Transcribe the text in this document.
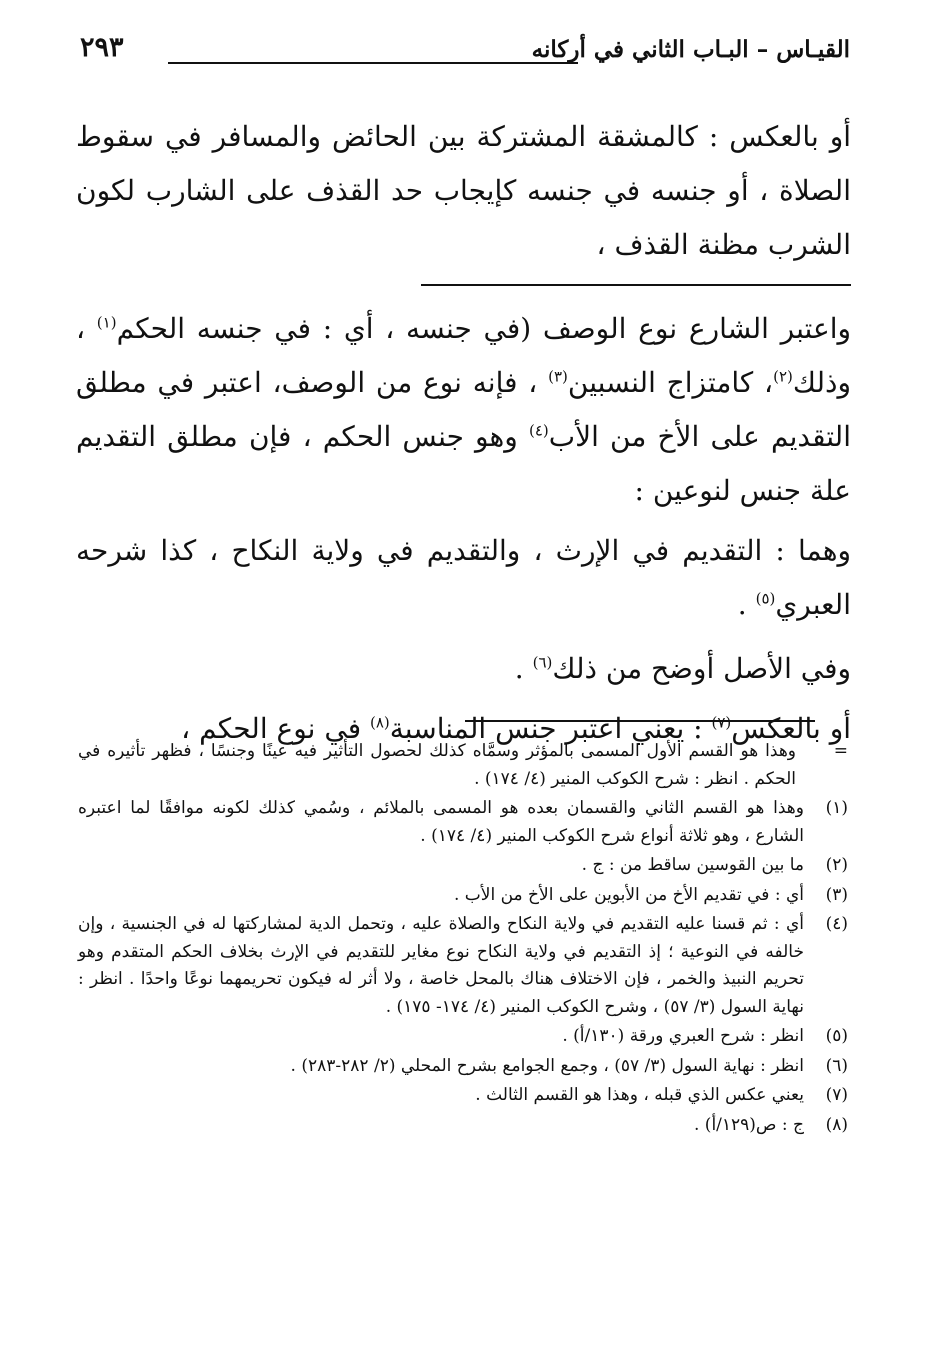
٢٩٣	القيـاس – البـاب الثاني في أركانه

أو بالعكس : كالمشقة المشتركة بين الحائض والمسافر في سقوط الصلاة ، أو جنسه في جنسه كإيجاب حد القذف على الشارب لكون الشرب مظنة القذف ،

واعتبر الشارع نوع الوصف (في جنسه ، أي : في جنسه الحكم$^{(١)}$ ، وذلك$^{(٢)}$، كامتزاج النسبين$^{(٣)}$ ، فإنه نوع من الوصف، اعتبر في مطلق التقديم على الأخ من الأب$^{(٤)}$ وهو جنس الحكم ، فإن مطلق التقديم علة جنس لنوعين :

وهما : التقديم في الإرث ، والتقديم في ولاية النكاح ، كذا شرحه العبري$^{(٥)}$ .

وفي الأصل أوضح من ذلك$^{(٦)}$ .

أو بالعكس$^{(٧)}$ : يعني اعتبر جنس المناسبة$^{(٨)}$ في نوع الحكم ،

=
وهذا هو القسم الأول المسمى بالمؤثر وسمَّاه كذلك لحصول التأثير فيه عينًا وجنسًا ، فظهر تأثيره في الحكم . انظر : شرح الكوكب المنير (٤/ ١٧٤) .
(١)
وهذا هو القسم الثاني والقسمان بعده هو المسمى بالملائم ، وسُمي كذلك لكونه موافقًا لما اعتبره الشارع ، وهو ثلاثة أنواع شرح الكوكب المنير (٤/ ١٧٤) .
(٢)
ما بين القوسين ساقط من : ج .
(٣)
أي : في تقديم الأخ من الأبوين على الأخ من الأب .
(٤)
أي : ثم قسنا عليه التقديم في ولاية النكاح والصلاة عليه ، وتحمل الدية لمشاركتها له في الجنسية ، وإن خالفه في النوعية ؛ إذ التقديم في ولاية النكاح نوع مغاير للتقديم في الإرث بخلاف الحكم المتقدم وهو تحريم النبيذ والخمر ، فإن الاختلاف هناك بالمحل خاصة ، ولا أثر له فيكون تحريمهما نوعًا واحدًا . انظر : نهاية السول (٣/ ٥٧) ، وشرح الكوكب المنير (٤/ ١٧٤- ١٧٥) .
(٥)
انظر : شرح العبري ورقة (١٣٠/أ) .
(٦)
انظر : نهاية السول (٣/ ٥٧) ، وجمع الجوامع بشرح المحلي (٢/ ٢٨٢-٢٨٣) .
(٧)
يعني عكس الذي قبله ، وهذا هو القسم الثالث .
(٨)
ج : ص(١٢٩/أ) .
